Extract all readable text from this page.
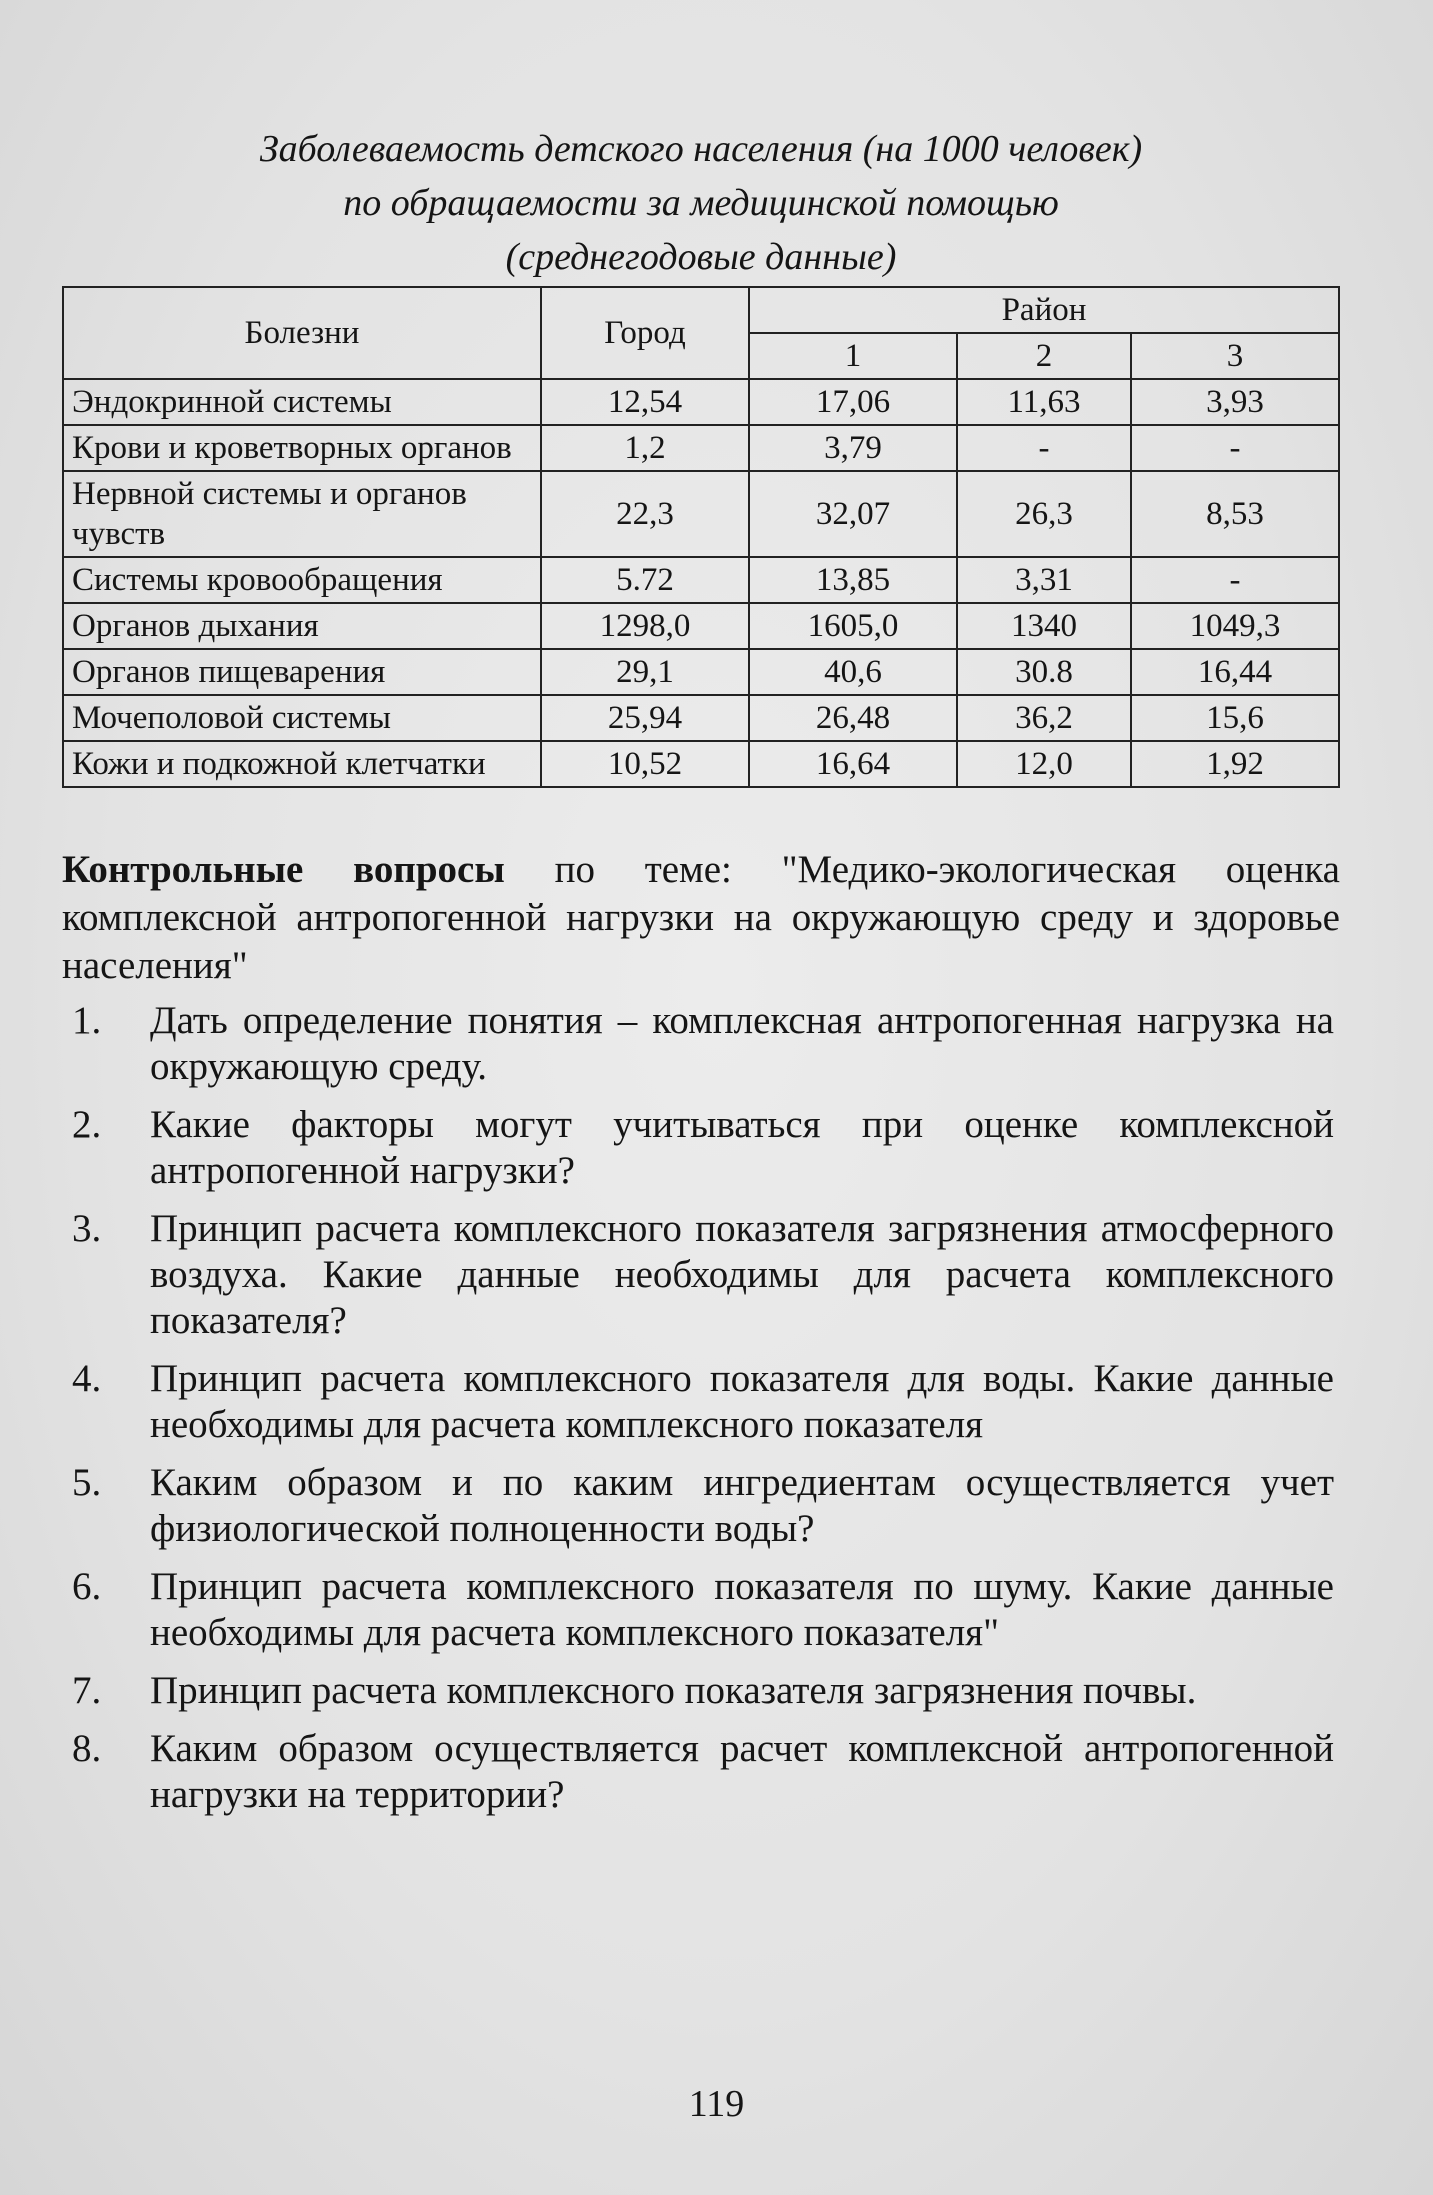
Заболеваемость детского населения (на 1000 человек)
по обращаемости за медицинской помощью
(среднегодовые данные)
Болезни	Город	Район		
		1	2	3
Эндокринной системы	12,54	17,06	11,63	3,93
Крови и кроветворных органов	1,2	3,79	-	-
Нервной системы и органов чувств	22,3	32,07	26,3	8,53
Системы кровообращения	5.72	13,85	3,31	-
Органов дыхания	1298,0	1605,0	1340	1049,3
Органов пищеварения	29,1	40,6	30.8	16,44
Мочеполовой системы	25,94	26,48	36,2	15,6
Кожи и подкожной клетчатки	10,52	16,64	12,0	1,92
Контрольные вопросы по теме: "Медико-экологическая оценка комплексной антропогенной нагрузки на окружающую среду и здоровье населения"
1.	Дать определение понятия – комплексная антропогенная нагрузка на окружающую среду.
2.	Какие факторы могут учитываться при оценке комплексной антропогенной нагрузки?
3.	Принцип расчета комплексного показателя загрязнения атмосферного воздуха. Какие данные необходимы для расчета комплексного показателя?
4.	Принцип расчета комплексного показателя для воды. Какие данные необходимы для расчета комплексного показателя
5.	Каким образом и по каким ингредиентам осуществляется учет физиологической полноценности воды?
6.	Принцип расчета комплексного показателя по шуму. Какие данные необходимы для расчета комплексного показателя"
7.	Принцип расчета комплексного показателя загрязнения почвы.
8.	Каким образом осуществляется расчет комплексной антропогенной нагрузки на территории?
119
